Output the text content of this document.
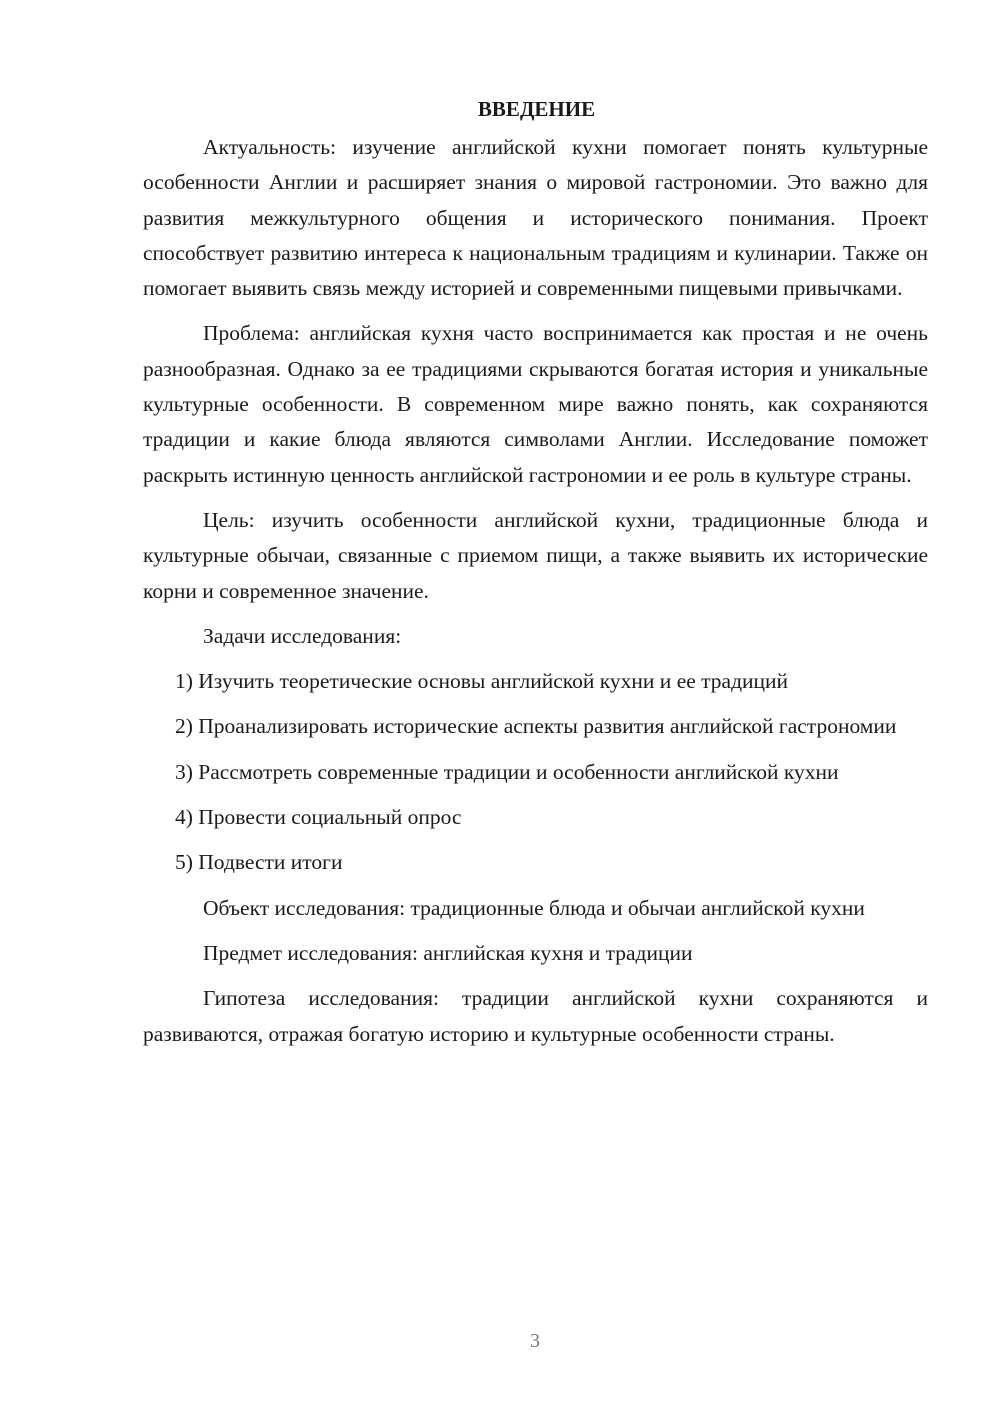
ВВЕДЕНИЕ

Актуальность: изучение английской кухни помогает понять культурные особенности Англии и расширяет знания о мировой гастрономии. Это важно для развития межкультурного общения и исторического понимания. Проект способствует развитию интереса к национальным традициям и кулинарии. Также он помогает выявить связь между историей и современными пищевыми привычками.

Проблема: английская кухня часто воспринимается как простая и не очень разнообразная. Однако за ее традициями скрываются богатая история и уникальные культурные особенности. В современном мире важно понять, как сохраняются традиции и какие блюда являются символами Англии. Исследование поможет раскрыть истинную ценность английской гастрономии и ее роль в культуре страны.

Цель: изучить особенности английской кухни, традиционные блюда и культурные обычаи, связанные с приемом пищи, а также выявить их исторические корни и современное значение.

Задачи исследования:

1) Изучить теоретические основы английской кухни и ее традиций

2) Проанализировать исторические аспекты развития английской гастрономии

3) Рассмотреть современные традиции и особенности английской кухни

4) Провести социальный опрос

5) Подвести итоги

Объект исследования: традиционные блюда и обычаи английской кухни

Предмет исследования: английская кухня и традиции

Гипотеза исследования: традиции английской кухни сохраняются и развиваются, отражая богатую историю и культурные особенности страны.

3
